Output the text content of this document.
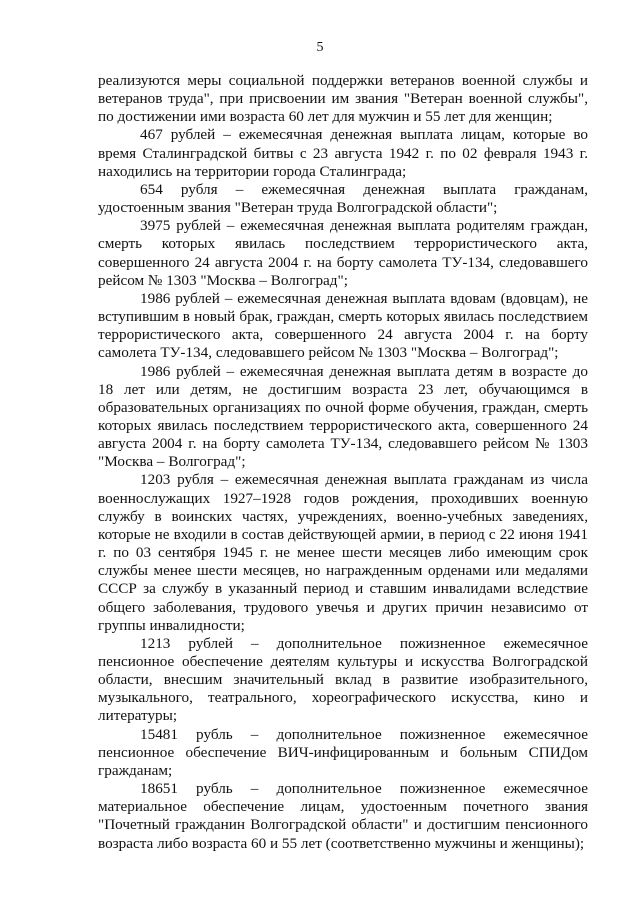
5

реализуются меры социальной поддержки ветеранов военной службы и ветеранов труда", при присвоении им звания "Ветеран военной службы", по достижении ими возраста 60 лет для мужчин и 55 лет для женщин;

467 рублей – ежемесячная денежная выплата лицам, которые во время Сталинградской битвы с 23 августа 1942 г. по 02 февраля 1943 г. находились на территории города Сталинграда;

654 рубля – ежемесячная денежная выплата гражданам, удостоенным звания "Ветеран труда Волгоградской области";

3975 рублей – ежемесячная денежная выплата родителям граждан, смерть которых явилась последствием террористического акта, совершенного 24 августа 2004 г. на борту самолета ТУ-134, следовавшего рейсом № 1303 "Москва – Волгоград";

1986 рублей – ежемесячная денежная выплата вдовам (вдовцам), не вступившим в новый брак, граждан, смерть которых явилась последствием террористического акта, совершенного 24 августа 2004 г. на борту самолета ТУ-134, следовавшего рейсом № 1303 "Москва – Волгоград";

1986 рублей – ежемесячная денежная выплата детям в возрасте до 18 лет или детям, не достигшим возраста 23 лет, обучающимся в образовательных организациях по очной форме обучения, граждан, смерть которых явилась последствием террористического акта, совершенного 24 августа 2004 г. на борту самолета ТУ-134, следовавшего рейсом № 1303 "Москва – Волгоград";

1203 рубля – ежемесячная денежная выплата гражданам из числа военнослужащих 1927–1928 годов рождения, проходивших военную службу в воинских частях, учреждениях, военно-учебных заведениях, которые не входили в состав действующей армии, в период с 22 июня 1941 г. по 03 сентября 1945 г. не менее шести месяцев либо имеющим срок службы менее шести месяцев, но награжденным орденами или медалями СССР за службу в указанный период и ставшим инвалидами вследствие общего заболевания, трудового увечья и других причин независимо от группы инвалидности;

1213 рублей – дополнительное пожизненное ежемесячное пенсионное обеспечение деятелям культуры и искусства Волгоградской области, внесшим значительный вклад в развитие изобразительного, музыкального, театрального, хореографического искусства, кино и литературы;

15481 рубль – дополнительное пожизненное ежемесячное пенсионное обеспечение ВИЧ-инфицированным и больным СПИДом гражданам;

18651 рубль – дополнительное пожизненное ежемесячное материальное обеспечение лицам, удостоенным почетного звания "Почетный гражданин Волгоградской области" и достигшим пенсионного возраста либо возраста 60 и 55 лет (соответственно мужчины и женщины);
